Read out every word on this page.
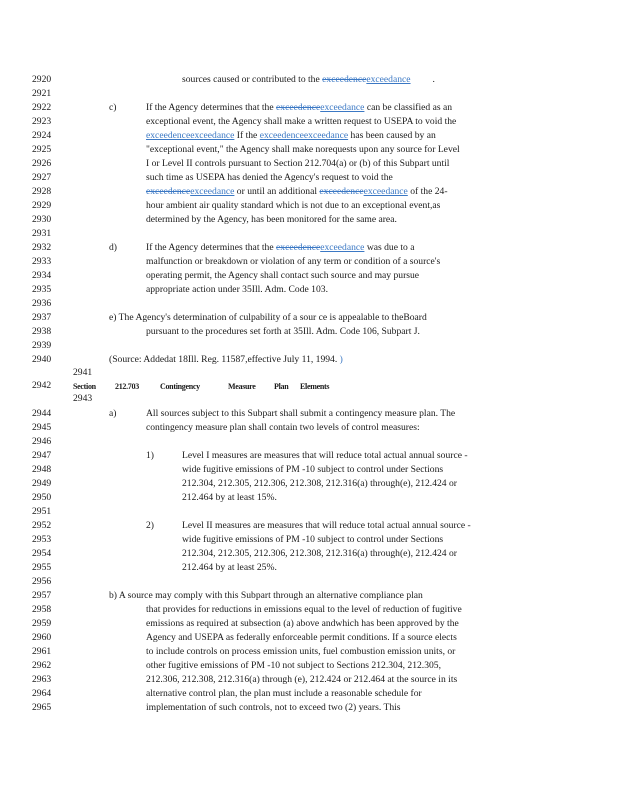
2920
2921
2922
2923
2924
2925
2926
2927
2928
2929
2930
2931
2932
2933
2934
2935
2936
2937
2938
2939
2940
2941
2942
2943
2944
2945
2946
2947
2948
2949
2950
2951
2952
2953
2954
2955
2956
2957
2958
2959
2960
2961
2962
2963
2964
2965
sources caused or contributed to the exceedenceexceedance .
c)	If the Agency determines that the exceedenceexceedance can be classified as an
exceptional event, the Agency shall make a written request to USEPA to void the
exceedenceexceedance If the exceedenceexceedance has been caused by an
"exceptional event," the Agency shall make norequests upon any source for Level
I or Level II controls pursuant to Section 212.704(a) or (b) of this Subpart until
such time as USEPA has denied the Agency's request to void the
exceedenceexceedance or until an additional exceedenceexceedance of the 24-
hour ambient air quality standard which is not due to an exceptional event,as
determined by the Agency, has been monitored for the same area.
d)	If the Agency determines that the exceedenceexceedance was due to a
malfunction or breakdown or violation of any term or condition of a source's
operating permit, the Agency shall contact such source and may pursue
appropriate action under 35Ill. Adm. Code 103.
e) The Agency's determination of culpability of a sour ce is appealable to theBoard
pursuant to the procedures set forth at 35Ill. Adm. Code 106, Subpart J.
(Source: Addedat 18Ill. Reg. 11587,effective July 11, 1994. )
Section 212.703	Contingency	Measure Plan Elements
a)	All sources subject to this Subpart shall submit a contingency measure plan. The
contingency measure plan shall contain two levels of control measures:
1)	Level I measures are measures that will reduce total actual annual source -
wide fugitive emissions of PM -10 subject to control under Sections
212.304, 212.305, 212.306, 212.308, 212.316(a) through(e), 212.424 or
212.464 by at least 15%.
2)	Level II measures are measures that will reduce total actual annual source -
wide fugitive emissions of PM -10 subject to control under Sections
212.304, 212.305, 212.306, 212.308, 212.316(a) through(e), 212.424 or
212.464 by at least 25%.
b) A source may comply with this Subpart through an alternative compliance plan
that provides for reductions in emissions equal to the level of reduction of fugitive
emissions as required at subsection (a) above andwhich has been approved by the
Agency and USEPA as federally enforceable permit conditions. If a source elects
to include controls on process emission units, fuel combustion emission units, or
other fugitive emissions of PM -10 not subject to Sections 212.304, 212.305,
212.306, 212.308, 212.316(a) through (e), 212.424 or 212.464 at the source in its
alternative control plan, the plan must include a reasonable schedule for
implementation of such controls, not to exceed two (2) years. This
